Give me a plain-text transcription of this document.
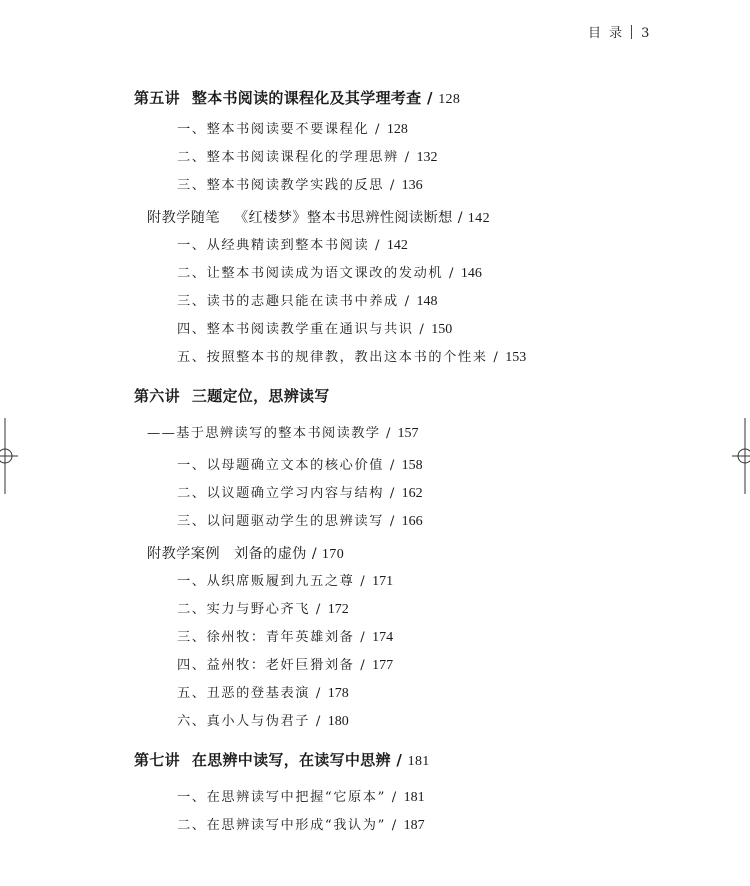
目 录 3
第五讲 整本书阅读的课程化及其学理考查 / 128
一、整本书阅读要不要课程化 / 128
二、整本书阅读课程化的学理思辨 / 132
三、整本书阅读教学实践的反思 / 136
附教学随笔 《红楼梦》整本书思辨性阅读断想 / 142
一、从经典精读到整本书阅读 / 142
二、让整本书阅读成为语文课改的发动机 / 146
三、读书的志趣只能在读书中养成 / 148
四、整本书阅读教学重在通识与共识 / 150
五、按照整本书的规律教，教出这本书的个性来 / 153
第六讲 三题定位，思辨读写
——基于思辨读写的整本书阅读教学 / 157
一、以母题确立文本的核心价值 / 158
二、以议题确立学习内容与结构 / 162
三、以问题驱动学生的思辨读写 / 166
附教学案例 刘备的虚伪 / 170
一、从织席贩履到九五之尊 / 171
二、实力与野心齐飞 / 172
三、徐州牧：青年英雄刘备 / 174
四、益州牧：老奸巨猾刘备 / 177
五、丑恶的登基表演 / 178
六、真小人与伪君子 / 180
第七讲 在思辨中读写，在读写中思辨 / 181
一、在思辨读写中把握“它原本” / 181
二、在思辨读写中形成“我认为” / 187
